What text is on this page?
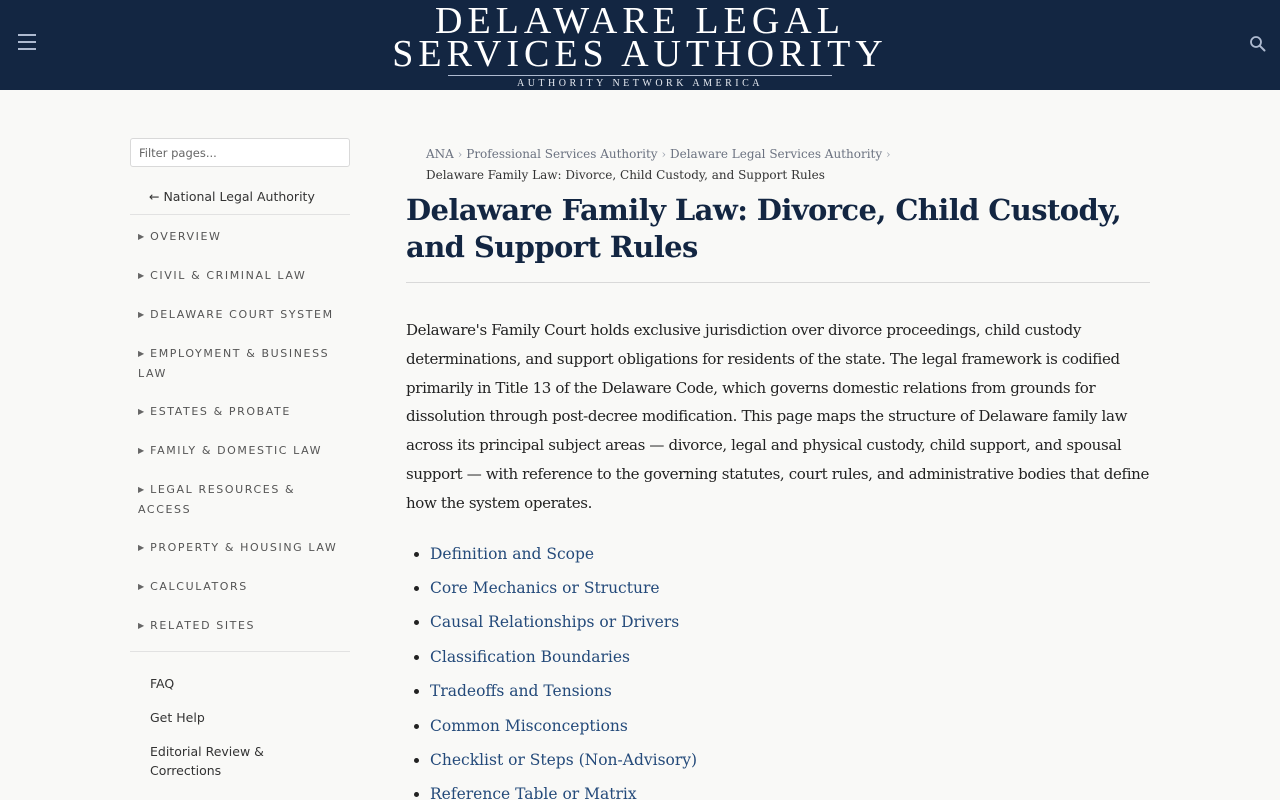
DELAWARE LEGAL
SERVICES AUTHORITY
AUTHORITY NETWORK AMERICA
Filter pages...
← National Legal Authority
▶ OVERVIEW
▶ CIVIL & CRIMINAL LAW
▶ DELAWARE COURT SYSTEM
▶ EMPLOYMENT & BUSINESS LAW
▶ ESTATES & PROBATE
▶ FAMILY & DOMESTIC LAW
▶ LEGAL RESOURCES & ACCESS
▶ PROPERTY & HOUSING LAW
▶ CALCULATORS
▶ RELATED SITES
FAQ
Get Help
Editorial Review & Corrections
ANA › Professional Services Authority › Delaware Legal Services Authority ›
Delaware Family Law: Divorce, Child Custody, and Support Rules
Delaware Family Law: Divorce, Child Custody, and Support Rules

Delaware's Family Court holds exclusive jurisdiction over divorce proceedings, child custody determinations, and support obligations for residents of the state. The legal framework is codified primarily in Title 13 of the Delaware Code, which governs domestic relations from grounds for dissolution through post-decree modification. This page maps the structure of Delaware family law across its principal subject areas — divorce, legal and physical custody, child support, and spousal support — with reference to the governing statutes, court rules, and administrative bodies that define how the system operates.

• Definition and Scope
• Core Mechanics or Structure
• Causal Relationships or Drivers
• Classification Boundaries
• Tradeoffs and Tensions
• Common Misconceptions
• Checklist or Steps (Non-Advisory)
• Reference Table or Matrix
